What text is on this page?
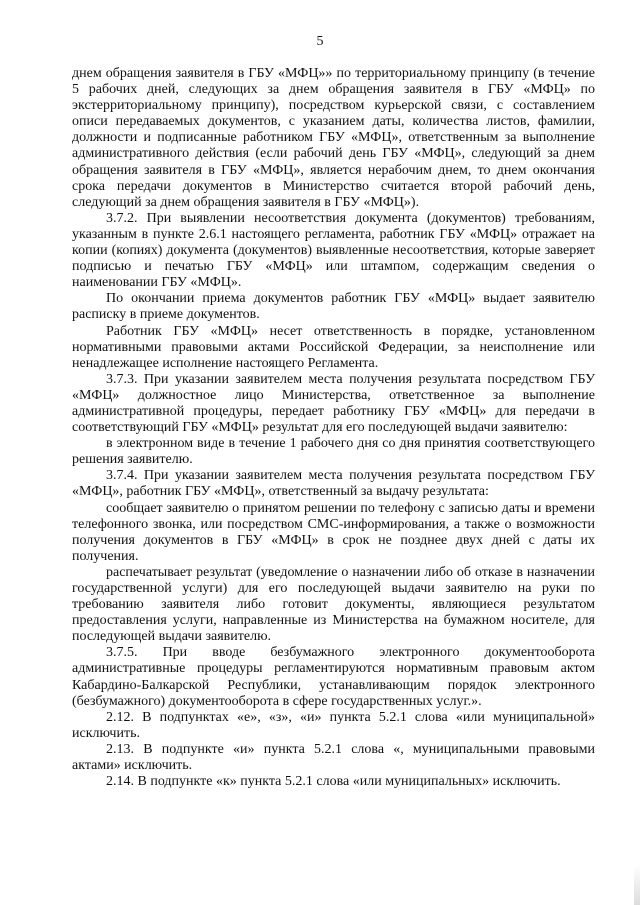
5

днем обращения заявителя в ГБУ «МФЦ»» по территориальному принципу (в течение 5 рабочих дней, следующих за днем обращения заявителя в ГБУ «МФЦ» по экстерриториальному принципу), посредством курьерской связи, с составлением описи передаваемых документов, с указанием даты, количества листов, фамилии, должности и подписанные работником ГБУ «МФЦ», ответственным за выполнение административного действия (если рабочий день ГБУ «МФЦ», следующий за днем обращения заявителя в ГБУ «МФЦ», является нерабочим днем, то днем окончания срока передачи документов в Министерство считается второй рабочий день, следующий за днем обращения заявителя в ГБУ «МФЦ»).

3.7.2. При выявлении несоответствия документа (документов) требованиям, указанным в пункте 2.6.1 настоящего регламента, работник ГБУ «МФЦ» отражает на копии (копиях) документа (документов) выявленные несоответствия, которые заверяет подписью и печатью ГБУ «МФЦ» или штампом, содержащим сведения о наименовании ГБУ «МФЦ».

По окончании приема документов работник ГБУ «МФЦ» выдает заявителю расписку в приеме документов.

Работник ГБУ «МФЦ» несет ответственность в порядке, установленном нормативными правовыми актами Российской Федерации, за неисполнение или ненадлежащее исполнение настоящего Регламента.

3.7.3. При указании заявителем места получения результата посредством ГБУ «МФЦ» должностное лицо Министерства, ответственное за выполнение административной процедуры, передает работнику ГБУ «МФЦ» для передачи в соответствующий ГБУ «МФЦ» результат для его последующей выдачи заявителю:

в электронном виде в течение 1 рабочего дня со дня принятия соответствующего решения заявителю.

3.7.4. При указании заявителем места получения результата посредством ГБУ «МФЦ», работник ГБУ «МФЦ», ответственный за выдачу результата:

сообщает заявителю о принятом решении по телефону с записью даты и времени телефонного звонка, или посредством СМС-информирования, а также о возможности получения документов в ГБУ «МФЦ» в срок не позднее двух дней с даты их получения.

распечатывает результат (уведомление о назначении либо об отказе в назначении государственной услуги) для его последующей выдачи заявителю на руки по требованию заявителя либо готовит документы, являющиеся результатом предоставления услуги, направленные из Министерства на бумажном носителе, для последующей выдачи заявителю.

3.7.5. При вводе безбумажного электронного документооборота административные процедуры регламентируются нормативным правовым актом Кабардино-Балкарской Республики, устанавливающим порядок электронного (безбумажного) документооборота в сфере государственных услуг.».

2.12. В подпунктах «е», «з», «и» пункта 5.2.1 слова «или муниципальной» исключить.

2.13. В подпункте «и» пункта 5.2.1 слова «, муниципальными правовыми актами» исключить.

2.14. В подпункте «к» пункта 5.2.1 слова «или муниципальных» исключить.
